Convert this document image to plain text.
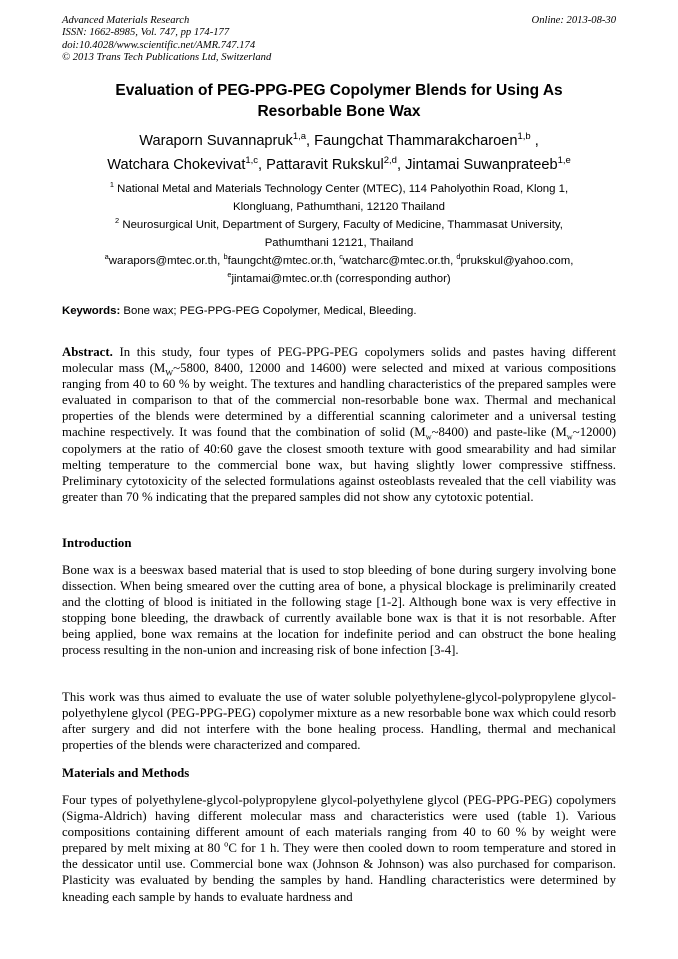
Advanced Materials Research
ISSN: 1662-8985, Vol. 747, pp 174-177
doi:10.4028/www.scientific.net/AMR.747.174
© 2013 Trans Tech Publications Ltd, Switzerland
Online: 2013-08-30
Evaluation of PEG-PPG-PEG Copolymer Blends for Using As
Resorbable Bone Wax
Waraporn Suvannapruk$^{1,a}$, Faungchat Thammarakcharoen$^{1,b}$ ,
Watchara Chokevivat$^{1,c}$, Pattaravit Rukskul$^{2,d}$, Jintamai Suwanprateeb$^{1,e}$
$^1$ National Metal and Materials Technology Center (MTEC), 114 Paholyothin Road, Klong 1,
Klongluang, Pathumthani, 12120 Thailand
$^2$ Neurosurgical Unit, Department of Surgery, Faculty of Medicine, Thammasat University,
Pathumthani 12121, Thailand
$^a$warapors@mtec.or.th, $^b$faungcht@mtec.or.th, $^c$watcharc@mtec.or.th, $^d$prukskul@yahoo.com,
$^e$jintamai@mtec.or.th (corresponding author)
Keywords: Bone wax; PEG-PPG-PEG Copolymer, Medical, Bleeding.
Abstract. In this study, four types of PEG-PPG-PEG copolymers solids and pastes having different molecular mass ($M_W\sim 5800$, 8400, 12000 and 14600) were selected and mixed at various compositions ranging from 40 to 60 % by weight. The textures and handling characteristics of the prepared samples were evaluated in comparison to that of the commercial non-resorbable bone wax. Thermal and mechanical properties of the blends were determined by a differential scanning calorimeter and a universal testing machine respectively. It was found that the combination of solid $(M_w\sim 8400)$ and paste-like $(M_w\sim 12000)$ copolymers at the ratio of 40:60 gave the closest smooth texture with good smearability and had similar melting temperature to the commercial bone wax, but having slightly lower compressive stiffness. Preliminary cytotoxicity of the selected formulations against osteoblasts revealed that the cell viability was greater than 70 % indicating that the prepared samples did not show any cytotoxic potential.
Introduction
Bone wax is a beeswax based material that is used to stop bleeding of bone during surgery involving bone dissection. When being smeared over the cutting area of bone, a physical blockage is preliminarily created and the clotting of blood is initiated in the following stage [1-2]. Although bone wax is very effective in stopping bone bleeding, the drawback of currently available bone wax is that it is not resorbable. After being applied, bone wax remains at the location for indefinite period and can obstruct the bone healing process resulting in the non-union and increasing risk of bone infection [3-4].
This work was thus aimed to evaluate the use of water soluble polyethylene-glycol-polypropylene glycol-polyethylene glycol (PEG-PPG-PEG) copolymer mixture as a new resorbable bone wax which could resorb after surgery and did not interfere with the bone healing process. Handling, thermal and mechanical properties of the blends were characterized and compared.
Materials and Methods
Four types of polyethylene-glycol-polypropylene glycol-polyethylene glycol (PEG-PPG-PEG) copolymers (Sigma-Aldrich) having different molecular mass and characteristics were used (table 1). Various compositions containing different amount of each materials ranging from 40 to 60 % by weight were prepared by melt mixing at 80 $^o$C for 1 h. They were then cooled down to room temperature and stored in the dessicator until use. Commercial bone wax (Johnson & Johnson) was also purchased for comparison. Plasticity was evaluated by bending the samples by hand. Handling characteristics were determined by kneading each sample by hands to evaluate hardness and
